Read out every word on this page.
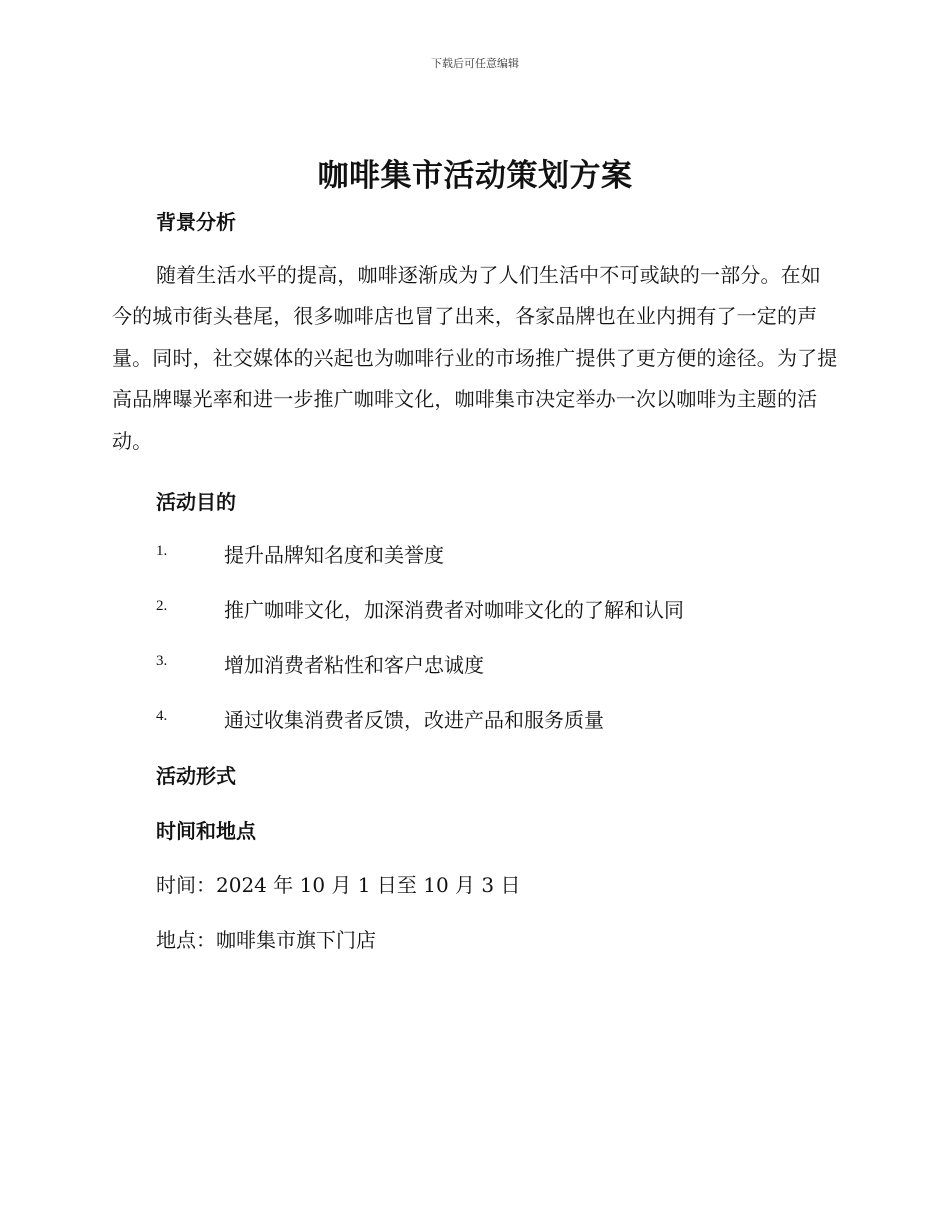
下载后可任意编辑
咖啡集市活动策划方案
背景分析

随着生活水平的提高，咖啡逐渐成为了人们生活中不可或缺的一部分。在如今的城市街头巷尾，很多咖啡店也冒了出来，各家品牌也在业内拥有了一定的声量。同时，社交媒体的兴起也为咖啡行业的市场推广提供了更方便的途径。为了提高品牌曝光率和进一步推广咖啡文化，咖啡集市决定举办一次以咖啡为主题的活动。

活动目的
1.	提升品牌知名度和美誉度
2.	推广咖啡文化，加深消费者对咖啡文化的了解和认同
3.	增加消费者粘性和客户忠诚度
4.	通过收集消费者反馈，改进产品和服务质量
活动形式
时间和地点

时间：2024 年 10 月 1 日至 10 月 3 日

地点：咖啡集市旗下门店
